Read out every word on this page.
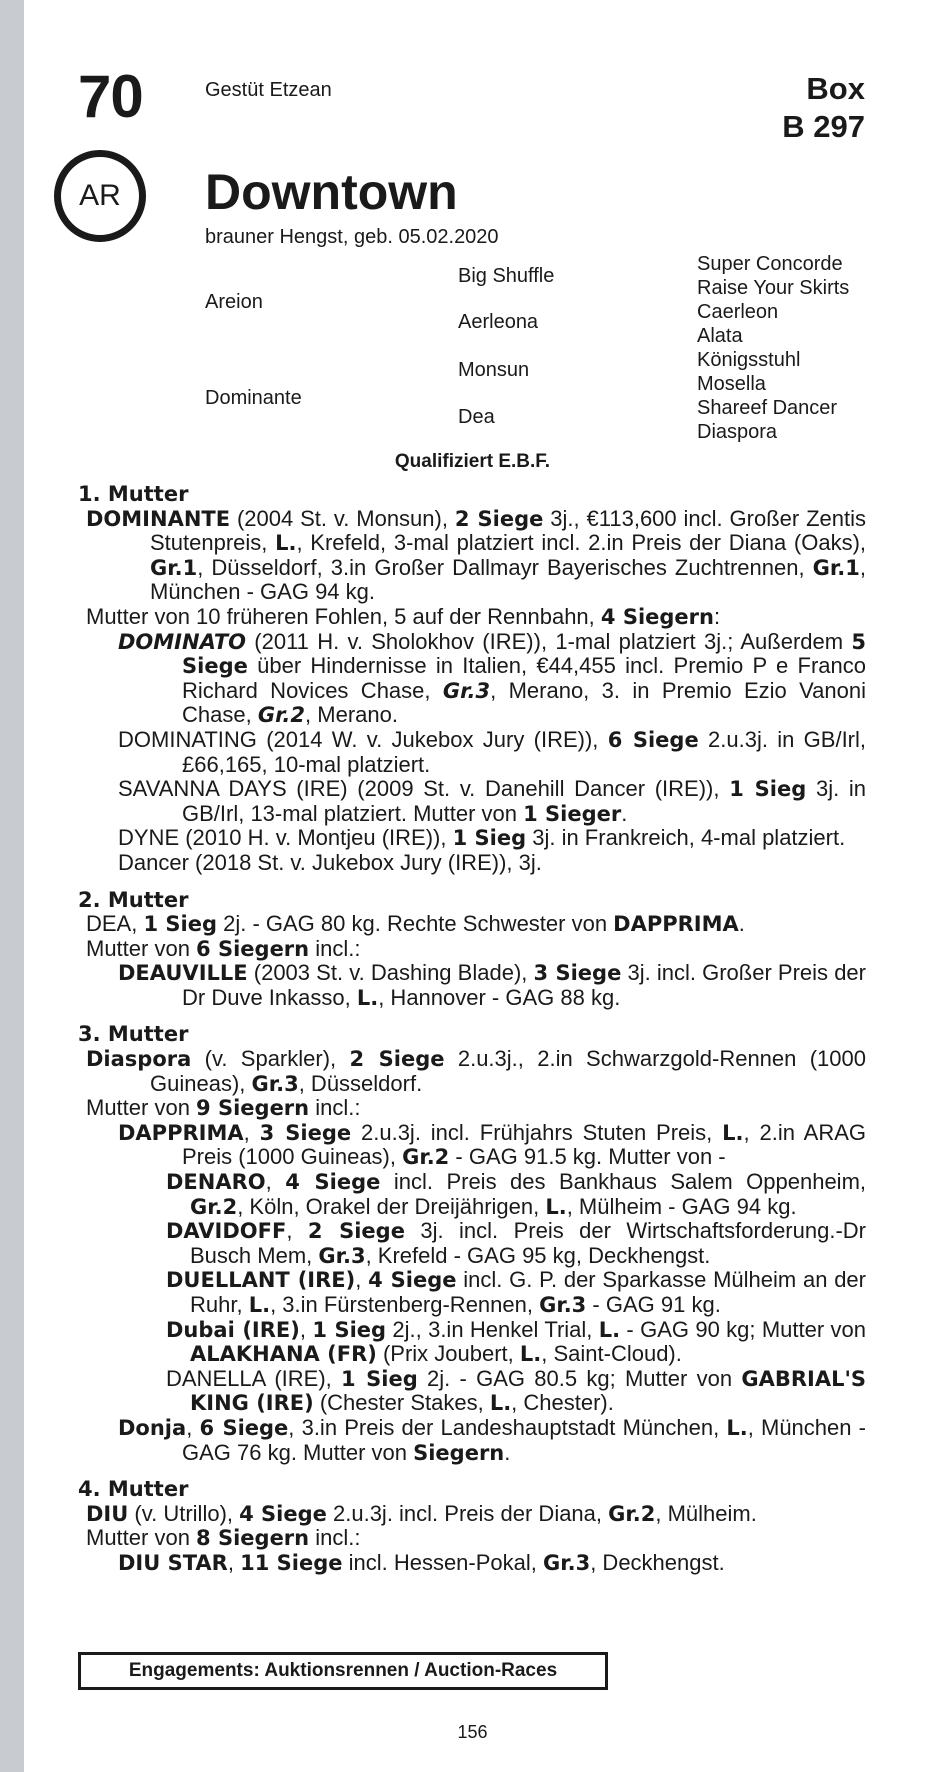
70
AR
Gestüt Etzean	Box
B 297
Downtown
brauner Hengst, geb. 05.02.2020
Areion
Dominante
Big Shuffle
Aerleona
Monsun
Dea
Super Concorde
Raise Your Skirts
Caerleon
Alata
Königsstuhl
Mosella
Shareef Dancer
Diaspora
Qualifiziert E.B.F.
1. Mutter
DOMINANTE (2004 St. v. Monsun), 2 Siege 3j., €113,600 incl. Großer Zentis Stutenpreis, L., Krefeld, 3-mal platziert incl. 2.in Preis der Diana (Oaks), Gr.1, Düsseldorf, 3.in Großer Dallmayr Bayerisches Zuchtrennen, Gr.1, München - GAG 94 kg.
Mutter von 10 früheren Fohlen, 5 auf der Rennbahn, 4 Siegern:
DOMINATO (2011 H. v. Sholokhov (IRE)), 1-mal platziert 3j.; Außerdem 5 Siege über Hindernisse in Italien, €44,455 incl. Premio P e Franco Richard Novices Chase, Gr.3, Merano, 3. in Premio Ezio Vanoni Chase, Gr.2, Merano.
DOMINATING (2014 W. v. Jukebox Jury (IRE)), 6 Siege 2.u.3j. in GB/Irl, £66,165, 10-mal platziert.
SAVANNA DAYS (IRE) (2009 St. v. Danehill Dancer (IRE)), 1 Sieg 3j. in GB/Irl, 13-mal platziert. Mutter von 1 Sieger.
DYNE (2010 H. v. Montjeu (IRE)), 1 Sieg 3j. in Frankreich, 4-mal platziert.
Dancer (2018 St. v. Jukebox Jury (IRE)), 3j.
2. Mutter
DEA, 1 Sieg 2j. - GAG 80 kg. Rechte Schwester von DAPPRIMA.
Mutter von 6 Siegern incl.:
DEAUVILLE (2003 St. v. Dashing Blade), 3 Siege 3j. incl. Großer Preis der Dr Duve Inkasso, L., Hannover - GAG 88 kg.
3. Mutter
Diaspora (v. Sparkler), 2 Siege 2.u.3j., 2.in Schwarzgold-Rennen (1000 Guineas), Gr.3, Düsseldorf.
Mutter von 9 Siegern incl.:
DAPPRIMA, 3 Siege 2.u.3j. incl. Frühjahrs Stuten Preis, L., 2.in ARAG Preis (1000 Guineas), Gr.2 - GAG 91.5 kg. Mutter von -
DENARO, 4 Siege incl. Preis des Bankhaus Salem Oppenheim, Gr.2, Köln, Orakel der Dreijährigen, L., Mülheim - GAG 94 kg.
DAVIDOFF, 2 Siege 3j. incl. Preis der Wirtschaftsforderung.-Dr Busch Mem, Gr.3, Krefeld - GAG 95 kg, Deckhengst.
DUELLANT (IRE), 4 Siege incl. G. P. der Sparkasse Mülheim an der Ruhr, L., 3.in Fürstenberg-Rennen, Gr.3 - GAG 91 kg.
Dubai (IRE), 1 Sieg 2j., 3.in Henkel Trial, L. - GAG 90 kg; Mutter von ALAKHANA (FR) (Prix Joubert, L., Saint-Cloud).
DANELLA (IRE), 1 Sieg 2j. - GAG 80.5 kg; Mutter von GABRIAL'S KING (IRE) (Chester Stakes, L., Chester).
Donja, 6 Siege, 3.in Preis der Landeshauptstadt München, L., München - GAG 76 kg. Mutter von Siegern.
4. Mutter
DIU (v. Utrillo), 4 Siege 2.u.3j. incl. Preis der Diana, Gr.2, Mülheim.
Mutter von 8 Siegern incl.:
DIU STAR, 11 Siege incl. Hessen-Pokal, Gr.3, Deckhengst.
Engagements: Auktionsrennen / Auction-Races
156
